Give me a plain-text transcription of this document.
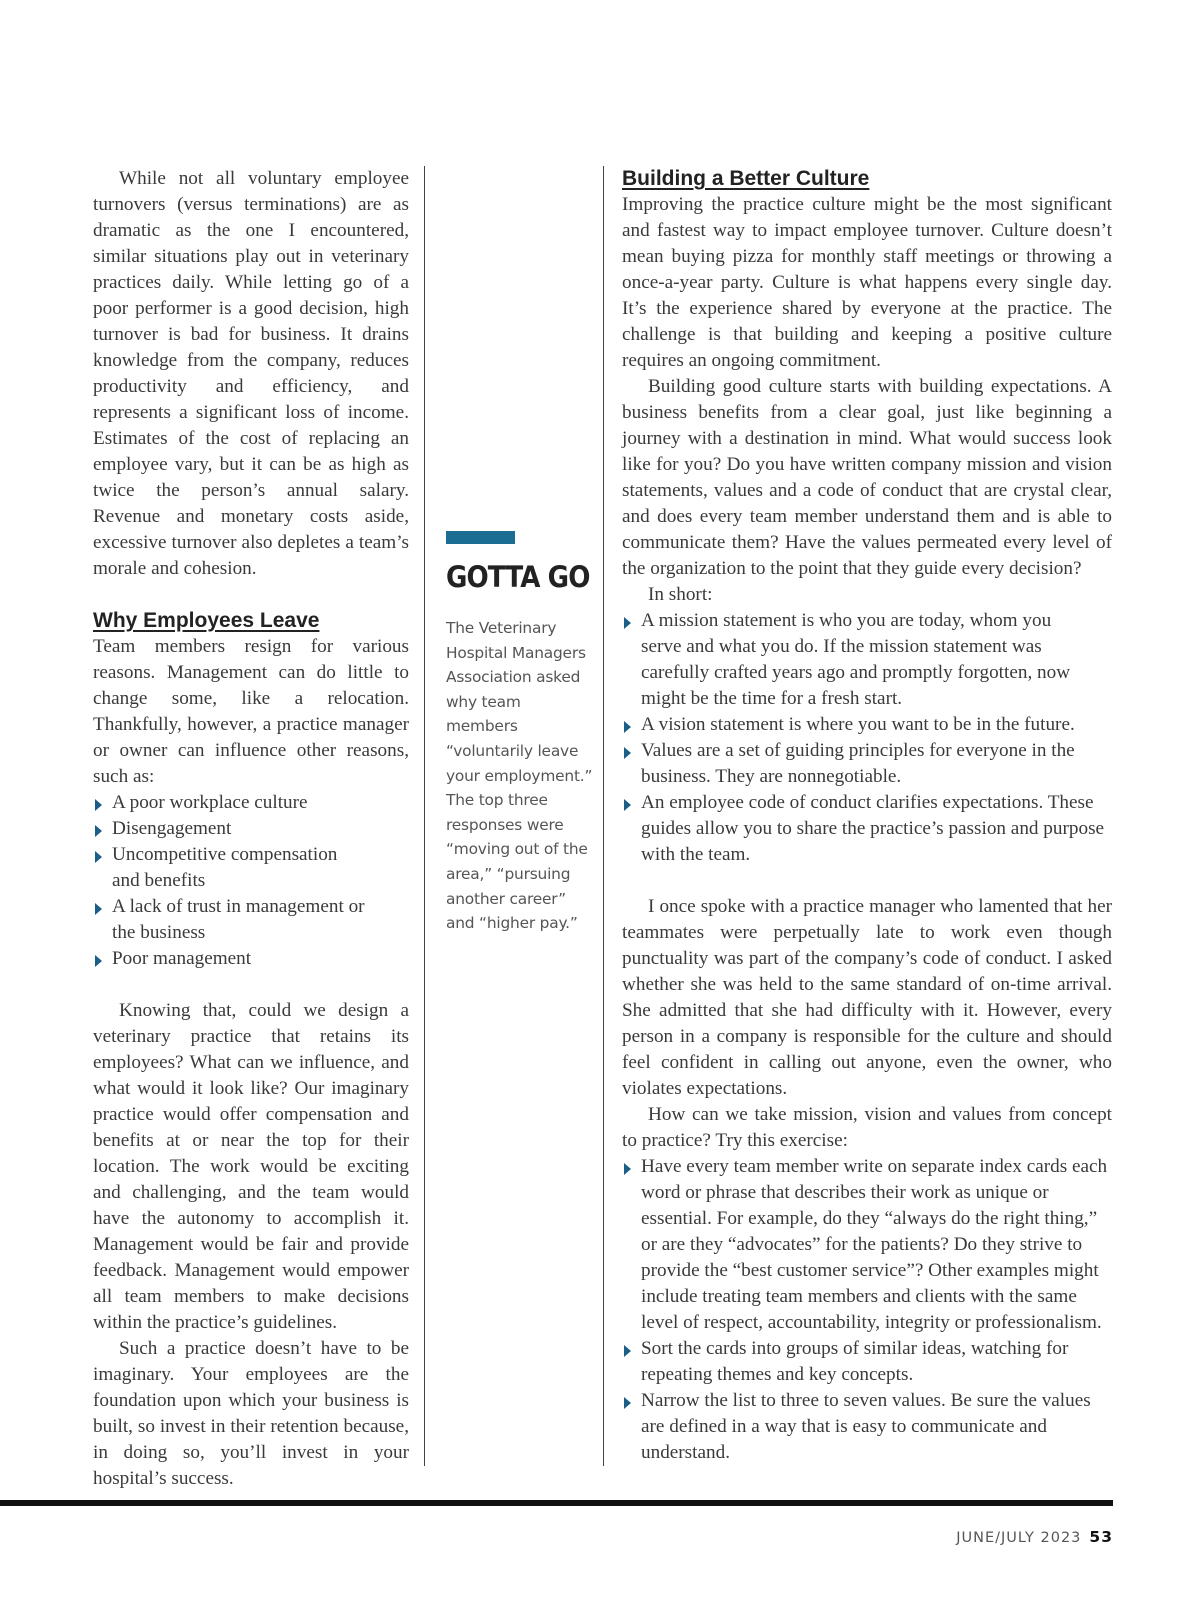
While not all voluntary employee turnovers (versus terminations) are as dramatic as the one I encountered, similar situations play out in veterinary practices daily. While letting go of a poor performer is a good decision, high turnover is bad for business. It drains knowledge from the company, reduces productivity and efficiency, and represents a significant loss of income. Estimates of the cost of replacing an employee vary, but it can be as high as twice the person’s annual salary. Revenue and monetary costs aside, excessive turnover also depletes a team’s morale and cohesion.

Why Employees Leave

Team members resign for various reasons. Management can do little to change some, like a relocation. Thankfully, however, a practice manager or owner can influence other reasons, such as:

A poor workplace culture
Disengagement
Uncompetitive compensation and benefits
A lack of trust in management or the business
Poor management

Knowing that, could we design a veterinary practice that retains its employees? What can we influence, and what would it look like? Our imaginary practice would offer compensation and benefits at or near the top for their location. The work would be exciting and challenging, and the team would have the autonomy to accomplish it. Management would be fair and provide feedback. Management would empower all team members to make decisions within the practice’s guidelines.

Such a practice doesn’t have to be imaginary. Your employees are the foundation upon which your business is built, so invest in their retention because, in doing so, you’ll invest in your hospital’s success.

GOTTA GO
The Veterinary Hospital Managers Association asked why team members “voluntarily leave your employment.” The top three responses were “moving out of the area,” “pursuing another career” and “higher pay.”
Building a Better Culture

Improving the practice culture might be the most significant and fastest way to impact employee turnover. Culture doesn’t mean buying pizza for monthly staff meetings or throwing a once-a-year party. Culture is what happens every single day. It’s the experience shared by everyone at the practice. The challenge is that building and keeping a positive culture requires an ongoing commitment.

Building good culture starts with building expectations. A business benefits from a clear goal, just like beginning a journey with a destination in mind. What would success look like for you? Do you have written company mission and vision statements, values and a code of conduct that are crystal clear, and does every team member understand them and is able to communicate them? Have the values permeated every level of the organization to the point that they guide every decision?

In short:

A mission statement is who you are today, whom you serve and what you do. If the mission statement was carefully crafted years ago and promptly forgotten, now might be the time for a fresh start.
A vision statement is where you want to be in the future.
Values are a set of guiding principles for everyone in the business. They are nonnegotiable.
An employee code of conduct clarifies expectations. These guides allow you to share the practice’s passion and purpose with the team.

I once spoke with a practice manager who lamented that her teammates were perpetually late to work even though punctuality was part of the company’s code of conduct. I asked whether she was held to the same standard of on-time arrival. She admitted that she had difficulty with it. However, every person in a company is responsible for the culture and should feel confident in calling out anyone, even the owner, who violates expectations.

How can we take mission, vision and values from concept to practice? Try this exercise:

Have every team member write on separate index cards each word or phrase that describes their work as unique or essential. For example, do they “always do the right thing,” or are they “advocates” for the patients? Do they strive to provide the “best customer service”? Other examples might include treating team members and clients with the same level of respect, accountability, integrity or professionalism.
Sort the cards into groups of similar ideas, watching for repeating themes and key concepts.
Narrow the list to three to seven values. Be sure the values are defined in a way that is easy to communicate and understand.
JUNE/JULY 2023 53
